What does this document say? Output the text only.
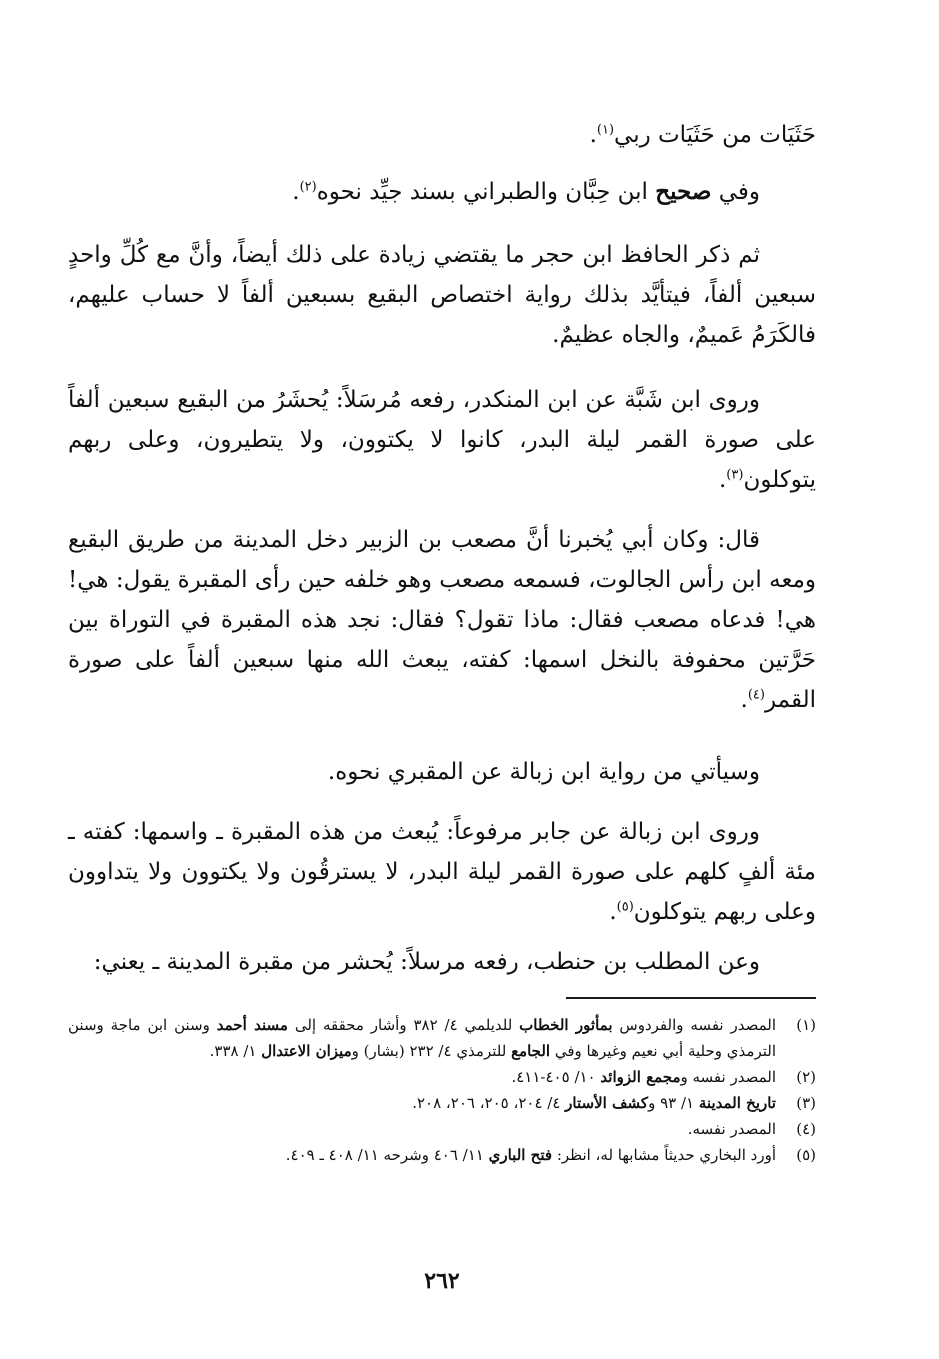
حَثَيَات من حَثَيَات ربي$^{(١)}$.

وفي صحيح ابن حِبَّان والطبراني بسند جيِّد نحوه$^{(٢)}$.

ثم ذكر الحافظ ابن حجر ما يقتضي زيادة على ذلك أيضاً، وأنَّ مع كُلِّ واحدٍ سبعين ألفاً، فيتأيَّد بذلك رواية اختصاص البقيع بسبعين ألفاً لا حساب عليهم، فالكَرَمُ عَميمٌ، والجاه عظيمٌ.

وروى ابن شَبَّة عن ابن المنكدر، رفعه مُرسَلاً: يُحشَرُ من البقيع سبعين ألفاً على صورة القمر ليلة البدر، كانوا لا يكتوون، ولا يتطيرون، وعلى ربهم يتوكلون$^{(٣)}$.

قال: وكان أبي يُخبرنا أنَّ مصعب بن الزبير دخل المدينة من طريق البقيع ومعه ابن رأس الجالوت، فسمعه مصعب وهو خلفه حين رأى المقبرة يقول: هي! هي! فدعاه مصعب فقال: ماذا تقول؟ فقال: نجد هذه المقبرة في التوراة بين حَرَّتين محفوفة بالنخل اسمها: كفته، يبعث الله منها سبعين ألفاً على صورة القمر$^{(٤)}$.

وسيأتي من رواية ابن زبالة عن المقبري نحوه.

وروى ابن زبالة عن جابر مرفوعاً: يُبعث من هذه المقبرة ـ واسمها: كفته ـ مئة ألفٍ كلهم على صورة القمر ليلة البدر، لا يسترقُون ولا يكتوون ولا يتداوون وعلى ربهم يتوكلون$^{(٥)}$.

وعن المطلب بن حنطب، رفعه مرسلاً: يُحشر من مقبرة المدينة ـ يعني:

(١)
المصدر نفسه والفردوس بمأثور الخطاب للديلمي ٤/ ٣٨٢ وأشار محققه إلى مسند أحمد وسنن ابن ماجة وسنن الترمذي وحلية أبي نعيم وغيرها وفي الجامع للترمذي ٤/ ٢٣٢ (بشار) وميزان الاعتدال ١/ ٣٣٨.
(٢)
المصدر نفسه ومجمع الزوائد ١٠/ ٤٠٥-٤١١.
(٣)
تاريخ المدينة ١/ ٩٣ وكشف الأستار ٤/ ٢٠٤، ٢٠٥، ٢٠٦، ٢٠٨.
(٤)
المصدر نفسه.
(٥)
أورد البخاري حديثاً مشابها له، انظر: فتح الباري ١١/ ٤٠٦ وشرحه ١١/ ٤٠٨ ـ ٤٠٩.
٢٦٢
